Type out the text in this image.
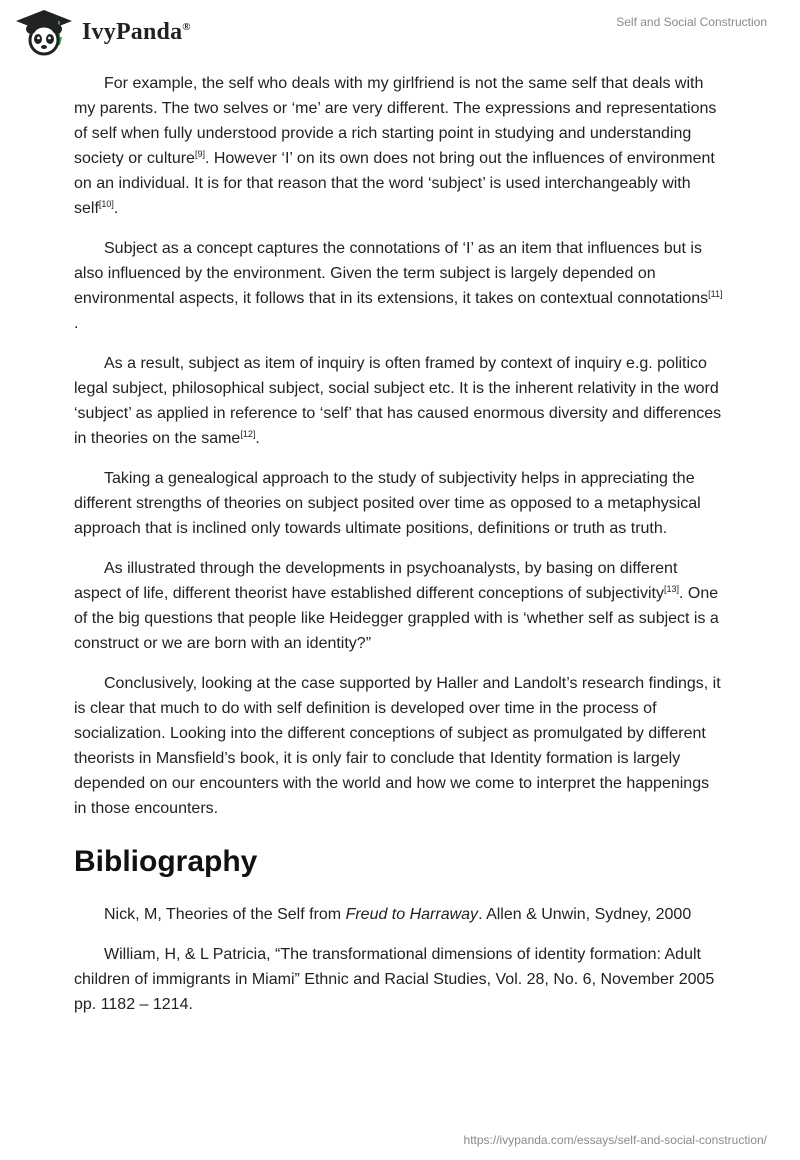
IvyPanda®	Self and Social Construction

For example, the self who deals with my girlfriend is not the same self that deals with my parents. The two selves or ‘me’ are very different. The expressions and representations of self when fully understood provide a rich starting point in studying and understanding society or culture[9]. However ‘I’ on its own does not bring out the influences of environment on an individual. It is for that reason that the word ‘subject’ is used interchangeably with self[10].

Subject as a concept captures the connotations of ‘I’ as an item that influences but is also influenced by the environment. Given the term subject is largely depended on environmental aspects, it follows that in its extensions, it takes on contextual connotations[11] .

As a result, subject as item of inquiry is often framed by context of inquiry e.g. politico legal subject, philosophical subject, social subject etc. It is the inherent relativity in the word ‘subject’ as applied in reference to ‘self’ that has caused enormous diversity and differences in theories on the same[12].

Taking a genealogical approach to the study of subjectivity helps in appreciating the different strengths of theories on subject posited over time as opposed to a metaphysical approach that is inclined only towards ultimate positions, definitions or truth as truth.

As illustrated through the developments in psychoanalysts, by basing on different aspect of life, different theorist have established different conceptions of subjectivity[13]. One of the big questions that people like Heidegger grappled with is ‘whether self as subject is a construct or we are born with an identity?”

Conclusively, looking at the case supported by Haller and Landolt’s research findings, it is clear that much to do with self definition is developed over time in the process of socialization. Looking into the different conceptions of subject as promulgated by different theorists in Mansfield’s book, it is only fair to conclude that Identity formation is largely depended on our encounters with the world and how we come to interpret the happenings in those encounters.

Bibliography

Nick, M, Theories of the Self from Freud to Harraway. Allen & Unwin, Sydney, 2000

William, H, & L Patricia, “The transformational dimensions of identity formation: Adult children of immigrants in Miami” Ethnic and Racial Studies, Vol. 28, No. 6, November 2005 pp. 1182 – 1214.

https://ivypanda.com/essays/self-and-social-construction/
